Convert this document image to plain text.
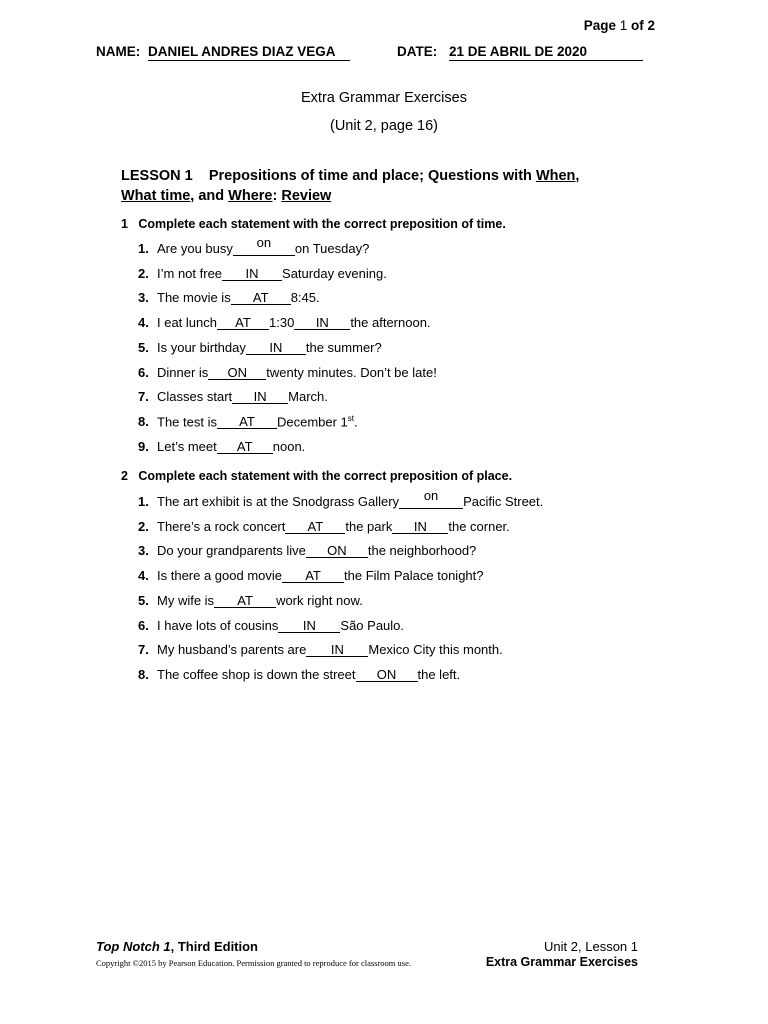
Page 1 of 2
NAME: DANIEL ANDRES DIAZ VEGA	DATE: 21 DE ABRIL DE 2020
Extra Grammar Exercises
(Unit 2, page 16)
LESSON 1    Prepositions of time and place; Questions with When,
What time, and Where: Review
1   Complete each statement with the correct preposition of time.
1. Are you busy on on Tuesday?
2. I’m not free IN Saturday evening.
3. The movie is AT 8:45.
4. I eat lunch AT 1:30 IN the afternoon.
5. Is your birthday IN the summer?
6. Dinner is ON twenty minutes. Don’t be late!
7. Classes start IN March.
8. The test is AT December 1st.
9. Let’s meet AT noon.
2   Complete each statement with the correct preposition of place.
1. The art exhibit is at the Snodgrass Gallery on Pacific Street.
2. There’s a rock concert AT the park IN the corner.
3. Do your grandparents live ON the neighborhood?
4. Is there a good movie AT the Film Palace tonight?
5. My wife is AT work right now.
6. I have lots of cousins IN São Paulo.
7. My husband’s parents are IN Mexico City this month.
8. The coffee shop is down the street ON the left.
Top Notch 1, Third Edition	Unit 2, Lesson 1
Copyright ©2015 by Pearson Education. Permission granted to reproduce for classroom use.	Extra Grammar Exercises
